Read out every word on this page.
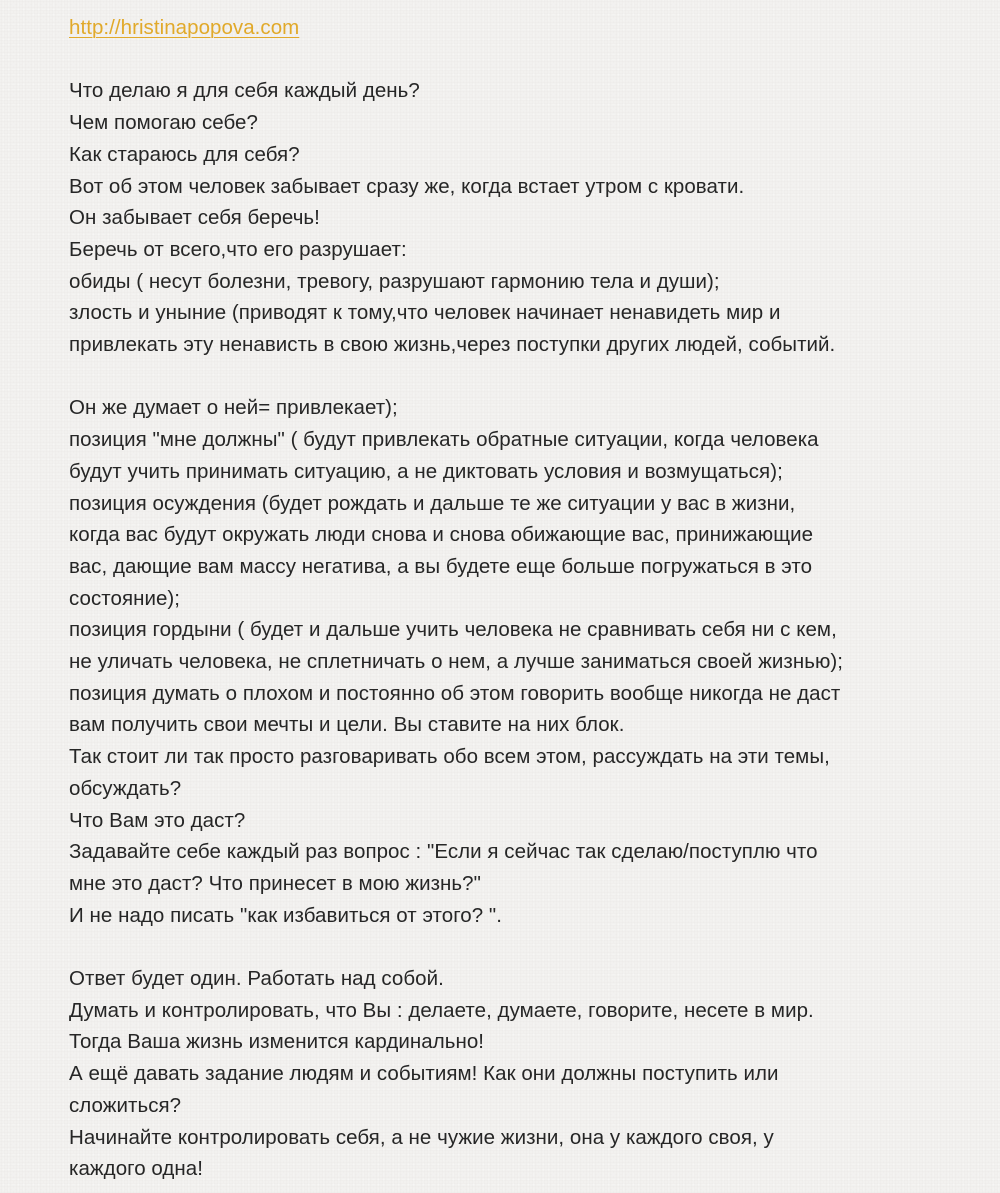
http://hristinapopova.com
Что делаю я для себя каждый день?
Чем помогаю себе?
Как стараюсь для себя?
Вот об этом человек забывает сразу же, когда встает утром с кровати.
Он забывает себя беречь!
Беречь от всего,что его разрушает:
обиды ( несут болезни, тревогу, разрушают гармонию тела и души);
злость и уныние (приводят к тому,что человек начинает ненавидеть мир и
привлекать эту ненависть в свою жизнь,через поступки других людей, событий.
Он же думает о ней= привлекает);
позиция "мне должны" ( будут привлекать обратные ситуации, когда человека
будут учить принимать ситуацию, а не диктовать условия и возмущаться);
позиция осуждения (будет рождать и дальше те же ситуации у вас в жизни,
когда вас будут окружать люди снова и снова обижающие вас, принижающие
вас, дающие вам массу негатива, а вы будете еще больше погружаться в это
состояние);
позиция гордыни ( будет и дальше учить человека не сравнивать себя ни с кем,
не уличать человека, не сплетничать о нем, а лучше заниматься своей жизнью);
позиция думать о плохом и постоянно об этом говорить вообще никогда не даст
вам получить свои мечты и цели. Вы ставите на них блок.
Так стоит ли так просто разговаривать обо всем этом, рассуждать на эти темы,
обсуждать?
Что Вам это даст?
Задавайте себе каждый раз вопрос : "Если я сейчас так сделаю/поступлю что
мне это даст? Что принесет в мою жизнь?"
И не надо писать "как избавиться от этого? ".
Ответ будет один. Работать над собой.
Думать и контролировать, что Вы : делаете, думаете, говорите, несете в мир.
Тогда Ваша жизнь изменится кардинально!
А ещё давать задание людям и событиям! Как они должны поступить или
сложиться?
Начинайте контролировать себя, а не чужие жизни, она у каждого своя, у
каждого одна!
